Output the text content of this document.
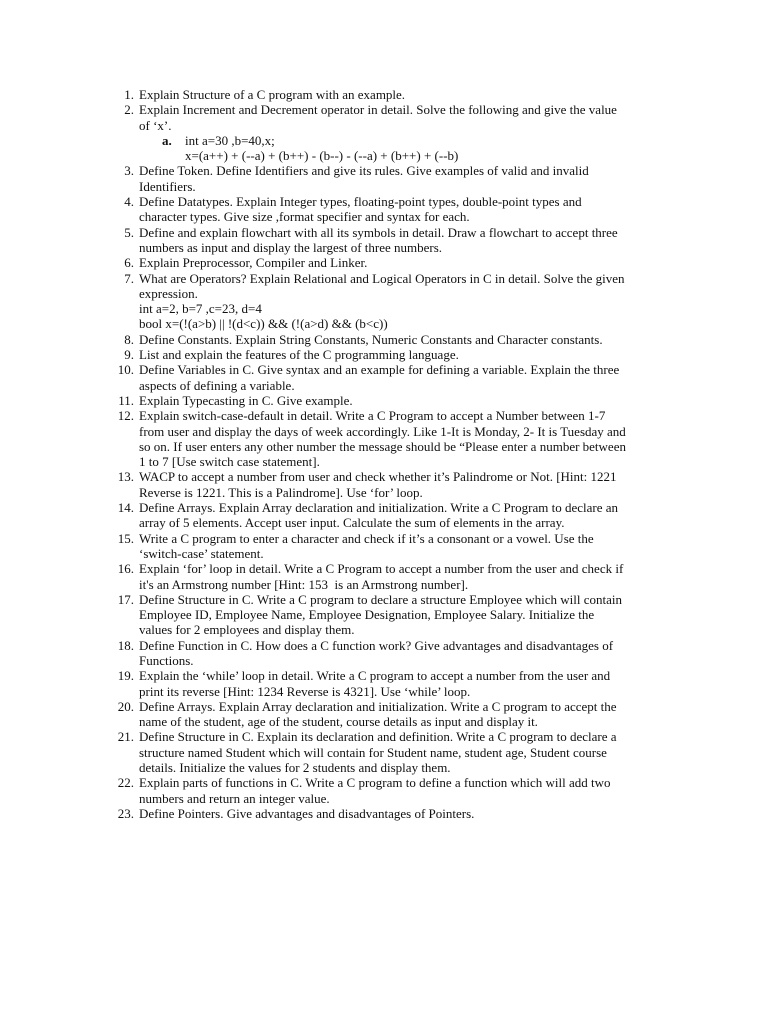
1. Explain Structure of a C program with an example.
2. Explain Increment and Decrement operator in detail. Solve the following and give the value
of ‘x’.
a. int a=30 ,b=40,x;
x=(a++) + (--a) + (b++) - (b--) - (--a) + (b++) + (--b)
3. Define Token. Define Identifiers and give its rules. Give examples of valid and invalid
Identifiers.
4. Define Datatypes. Explain Integer types, floating-point types, double-point types and
character types. Give size ,format specifier and syntax for each.
5. Define and explain flowchart with all its symbols in detail. Draw a flowchart to accept three
numbers as input and display the largest of three numbers.
6. Explain Preprocessor, Compiler and Linker.
7. What are Operators? Explain Relational and Logical Operators in C in detail. Solve the given
expression.
int a=2, b=7 ,c=23, d=4
bool x=(!(a>b) || !(d<c)) && (!(a>d) && (b<c))
8. Define Constants. Explain String Constants, Numeric Constants and Character constants.
9. List and explain the features of the C programming language.
10. Define Variables in C. Give syntax and an example for defining a variable. Explain the three
aspects of defining a variable.
11. Explain Typecasting in C. Give example.
12. Explain switch-case-default in detail. Write a C Program to accept a Number between 1-7
from user and display the days of week accordingly. Like 1-It is Monday, 2- It is Tuesday and
so on. If user enters any other number the message should be “Please enter a number between
1 to 7 [Use switch case statement].
13. WACP to accept a number from user and check whether it’s Palindrome or Not. [Hint: 1221
Reverse is 1221. This is a Palindrome]. Use ‘for’ loop.
14. Define Arrays. Explain Array declaration and initialization. Write a C Program to declare an
array of 5 elements. Accept user input. Calculate the sum of elements in the array.
15. Write a C program to enter a character and check if it’s a consonant or a vowel. Use the
‘switch-case’ statement.
16. Explain ‘for’ loop in detail. Write a C Program to accept a number from the user and check if
it's an Armstrong number [Hint: 153  is an Armstrong number].
17. Define Structure in C. Write a C program to declare a structure Employee which will contain
Employee ID, Employee Name, Employee Designation, Employee Salary. Initialize the
values for 2 employees and display them.
18. Define Function in C. How does a C function work? Give advantages and disadvantages of
Functions.
19. Explain the ‘while’ loop in detail. Write a C program to accept a number from the user and
print its reverse [Hint: 1234 Reverse is 4321]. Use ‘while’ loop.
20. Define Arrays. Explain Array declaration and initialization. Write a C program to accept the
name of the student, age of the student, course details as input and display it.
21. Define Structure in C. Explain its declaration and definition. Write a C program to declare a
structure named Student which will contain for Student name, student age, Student course
details. Initialize the values for 2 students and display them.
22. Explain parts of functions in C. Write a C program to define a function which will add two
numbers and return an integer value.
23. Define Pointers. Give advantages and disadvantages of Pointers.
